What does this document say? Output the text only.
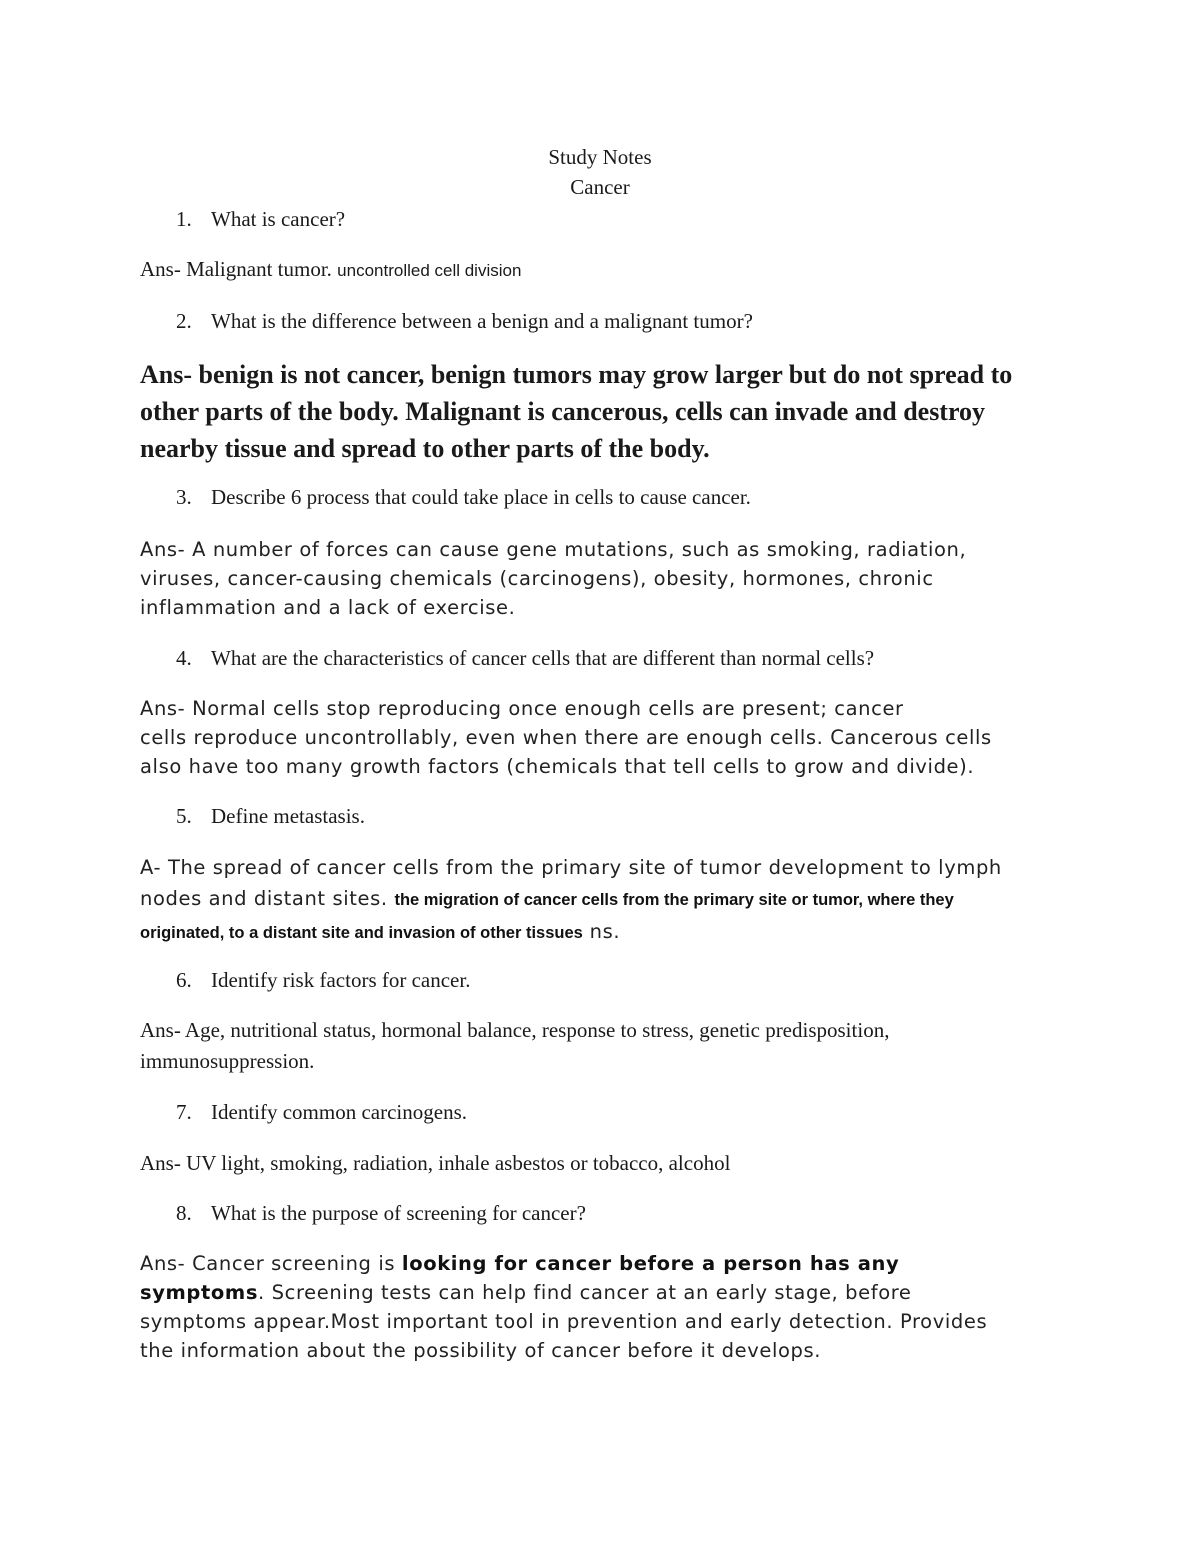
Study Notes
Cancer
1. What is cancer?
Ans- Malignant tumor. uncontrolled cell division
2. What is the difference between a benign and a malignant tumor?
Ans- benign is not cancer, benign tumors may grow larger but do not spread to
other parts of the body. Malignant is cancerous, cells can invade and destroy
nearby tissue and spread to other parts of the body.
3. Describe 6 process that could take place in cells to cause cancer.
Ans- A number of forces can cause gene mutations, such as smoking, radiation,
viruses, cancer-causing chemicals (carcinogens), obesity, hormones, chronic
inflammation and a lack of exercise.
4. What are the characteristics of cancer cells that are different than normal cells?
Ans- Normal cells stop reproducing once enough cells are present; cancer
cells reproduce uncontrollably, even when there are enough cells. Cancerous cells
also have too many growth factors (chemicals that tell cells to grow and divide).
5. Define metastasis.
A- The spread of cancer cells from the primary site of tumor development to lymph
nodes and distant sites. the migration of cancer cells from the primary site or tumor, where they
originated, to a distant site and invasion of other tissues ns.
6. Identify risk factors for cancer.
Ans- Age, nutritional status, hormonal balance, response to stress, genetic predisposition,
immunosuppression.
7. Identify common carcinogens.
Ans- UV light, smoking, radiation, inhale asbestos or tobacco, alcohol
8. What is the purpose of screening for cancer?
Ans- Cancer screening is looking for cancer before a person has any
symptoms. Screening tests can help find cancer at an early stage, before
symptoms appear.Most important tool in prevention and early detection. Provides
the information about the possibility of cancer before it develops.
